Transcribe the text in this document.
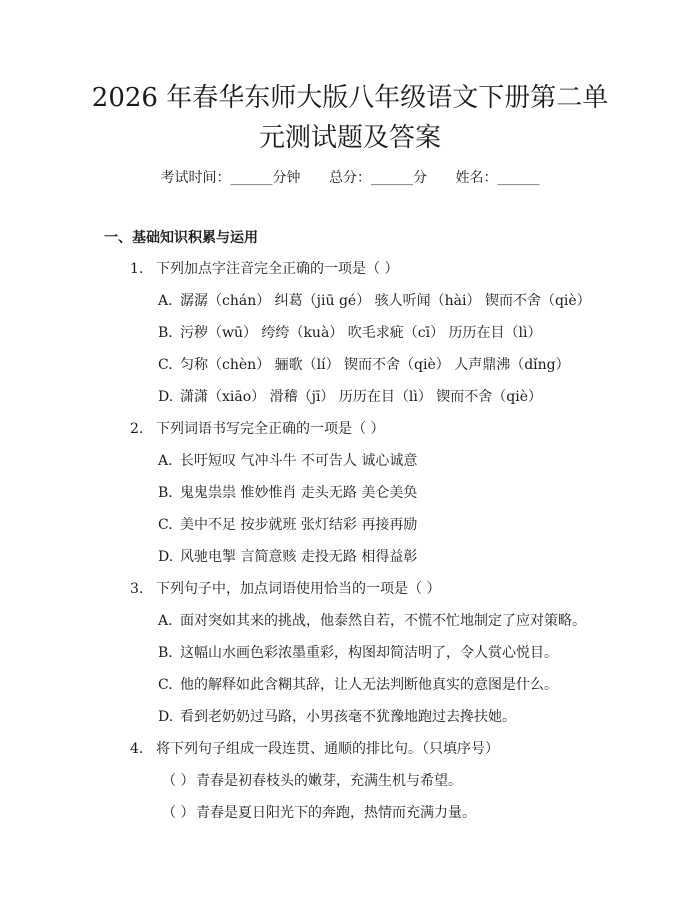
2026 年春华东师大版八年级语文下册第二单
元测试题及答案
考试时间：______分钟 总分：______分 姓名：______
一、基础知识积累与运用
1. 下列加点字注音完全正确的一项是（ ）
A. 潺潺（chán） 纠葛（jiū gé） 骇人听闻（hài） 锲而不舍（qiè）
B. 污秽（wū） 绔绔（kuà） 吹毛求疵（cī） 历历在目（lì）
C. 匀称（chèn） 骊歌（lí） 锲而不舍（qiè） 人声鼎沸（dǐng）
D. 潇潇（xiāo） 滑稽（jī） 历历在目（lì） 锲而不舍（qiè）
2. 下列词语书写完全正确的一项是（ ）
A. 长吁短叹 气冲斗牛 不可告人 诚心诚意
B. 鬼鬼祟祟 惟妙惟肖 走头无路 美仑美奂
C. 美中不足 按步就班 张灯结彩 再接再励
D. 风驰电掣 言简意赅 走投无路 相得益彰
3. 下列句子中，加点词语使用恰当的一项是（ ）
A. 面对突如其来的挑战，他泰然自若，不慌不忙地制定了应对策略。
B. 这幅山水画色彩浓墨重彩，构图却简洁明了，令人赏心悦目。
C. 他的解释如此含糊其辞，让人无法判断他真实的意图是什么。
D. 看到老奶奶过马路，小男孩毫不犹豫地跑过去搀扶她。
4. 将下列句子组成一段连贯、通顺的排比句。（只填序号）
（ ） 青春是初春枝头的嫩芽，充满生机与希望。
（ ） 青春是夏日阳光下的奔跑，热情而充满力量。
